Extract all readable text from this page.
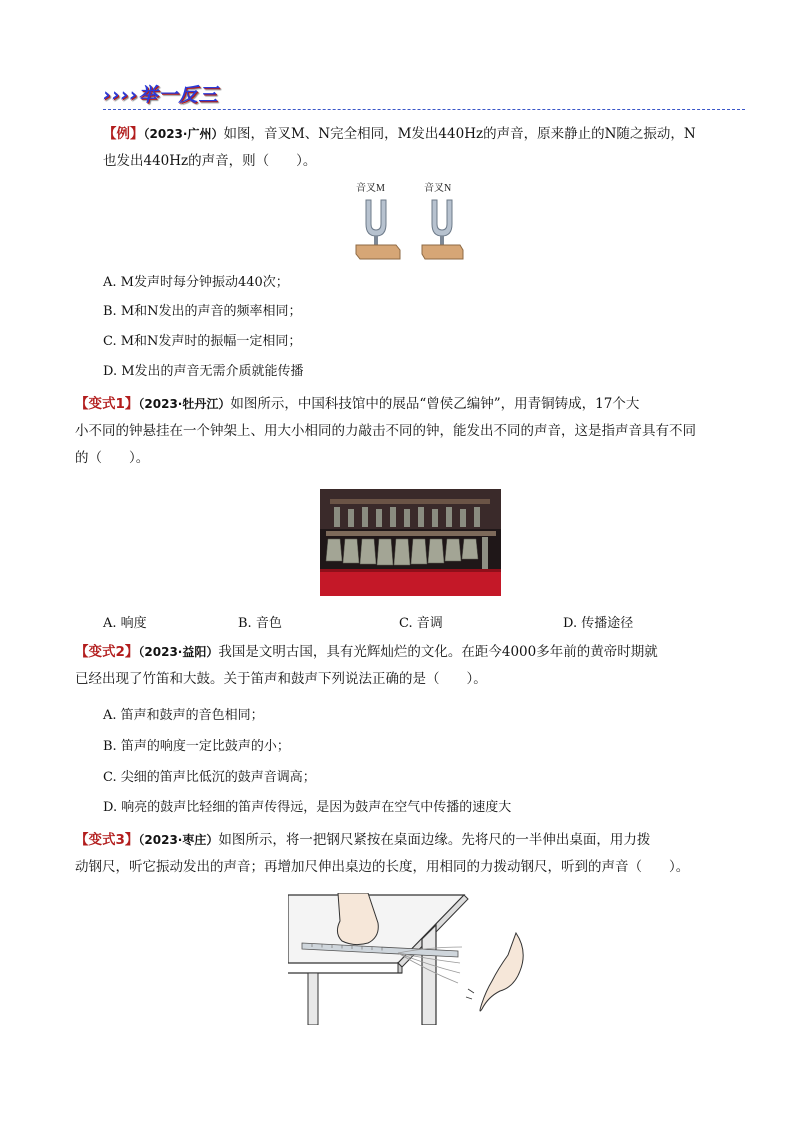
››››举一反三
【例】（2023·广州）如图，音叉M、N完全相同，M发出440Hz的声音，原来静止的N随之振动，N
也发出440Hz的声音，则（　　）。
音叉M	音叉N
A. M发声时每分钟振动440次；
B. M和N发出的声音的频率相同；
C. M和N发声时的振幅一定相同；
D. M发出的声音无需介质就能传播
【变式1】（2023·牡丹江）如图所示，中国科技馆中的展品“曾侯乙编钟”，用青铜铸成，17个大
小不同的钟悬挂在一个钟架上、用大小相同的力敲击不同的钟，能发出不同的声音，这是指声音具有不同
的（　　）。
A. 响度	B. 音色	C. 音调	D. 传播途径
【变式2】（2023·益阳）我国是文明古国，具有光辉灿烂的文化。在距今4000多年前的黄帝时期就
已经出现了竹笛和大鼓。关于笛声和鼓声下列说法正确的是（　　）。
A. 笛声和鼓声的音色相同；
B. 笛声的响度一定比鼓声的小；
C. 尖细的笛声比低沉的鼓声音调高；
D. 响亮的鼓声比轻细的笛声传得远，是因为鼓声在空气中传播的速度大
【变式3】（2023·枣庄）如图所示，将一把钢尺紧按在桌面边缘。先将尺的一半伸出桌面，用力拨
动钢尺，听它振动发出的声音；再增加尺伸出桌边的长度，用相同的力拨动钢尺，听到的声音（　　）。
